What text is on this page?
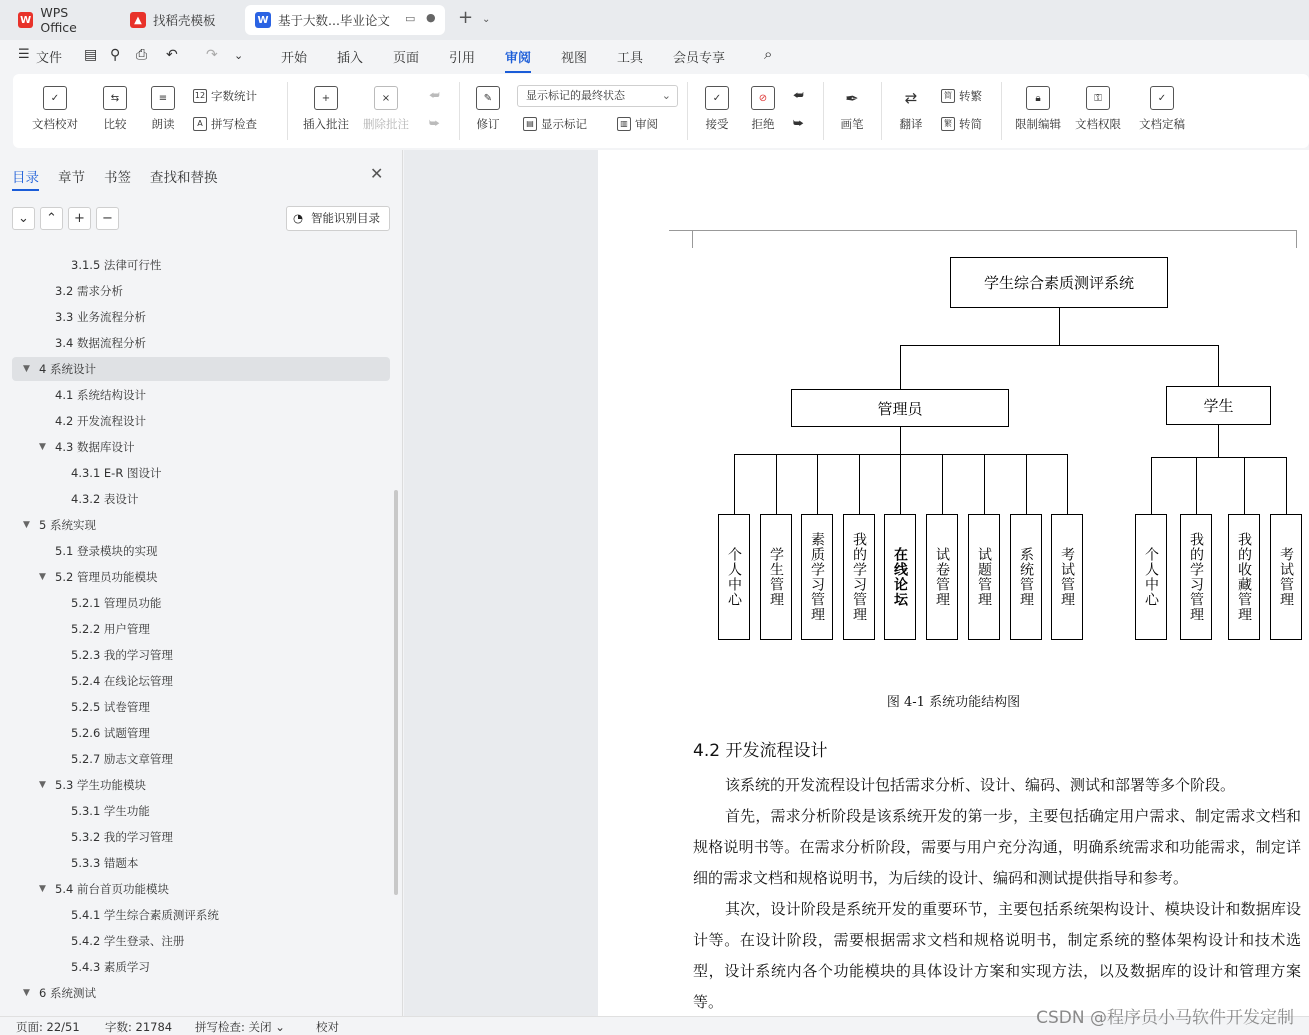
W WPS Office	▲ 找稻壳模板	W 基于大数...毕业论文 ▭ ● + ⌄
☰ 文件 ▤ ⚲ ⎙ ↶ ↷ ⌄	开始 插入 页面 引用 审阅 视图 工具 会员专享	⌕
✓
文档校对
⇆
比较
≡
朗读
12 字数统计
A 拼写检查
+
插入批注
×
删除批注
⮨
⮩
✎
修订
显示标记的最终状态	⌄
▤ 显示标记	▥ 审阅
✓
接受
⊘
拒绝
⮨
⮩
✒
画笔
⇄
翻译
简 转繁
繁 转简
🔒︎
限制编辑
⚿
文档权限
✓
文档定稿
目录 章节 书签 查找和替换	✕
⌄	⌃	+	−	◔ 智能识别目录
3.1.5 法律可行性
3.2 需求分析
3.3 业务流程分析
3.4 数据流程分析
▼ 4 系统设计
4.1 系统结构设计
4.2 开发流程设计
▼ 4.3 数据库设计
4.3.1 E-R 图设计
4.3.2 表设计
▼ 5 系统实现
5.1 登录模块的实现
▼ 5.2 管理员功能模块
5.2.1 管理员功能
5.2.2 用户管理
5.2.3 我的学习管理
5.2.4 在线论坛管理
5.2.5 试卷管理
5.2.6 试题管理
5.2.7 励志文章管理
▼ 5.3 学生功能模块
5.3.1 学生功能
5.3.2 我的学习管理
5.3.3 错题本
▼ 5.4 前台首页功能模块
5.4.1 学生综合素质测评系统
5.4.2 学生登录、注册
5.4.3 素质学习
▼ 6 系统测试
学生综合素质测评系统
管理员	学生
个人中心	学生管理	素质学习管理	我的学习管理	在线论坛	试卷管理	试题管理	系统管理	考试管理	个人中心	我的学习管理	我的收藏管理	考试管理
图 4-1 系统功能结构图
4.2 开发流程设计
该系统的开发流程设计包括需求分析、设计、编码、测试和部署等多个阶段。
首先，需求分析阶段是该系统开发的第一步，主要包括确定用户需求、制定需求文档和规格说明书等。在需求分析阶段，需要与用户充分沟通，明确系统需求和功能需求，制定详细的需求文档和规格说明书，为后续的设计、编码和测试提供指导和参考。
其次，设计阶段是系统开发的重要环节，主要包括系统架构设计、模块设计和数据库设计等。在设计阶段，需要根据需求文档和规格说明书，制定系统的整体架构设计和技术选型，设计系统内各个功能模块的具体设计方案和实现方法，以及数据库的设计和管理方案等。
页面: 22/51 字数: 21784 拼写检查: 关闭 ⌄	校对	CSDN @程序员小马软件开发定制
